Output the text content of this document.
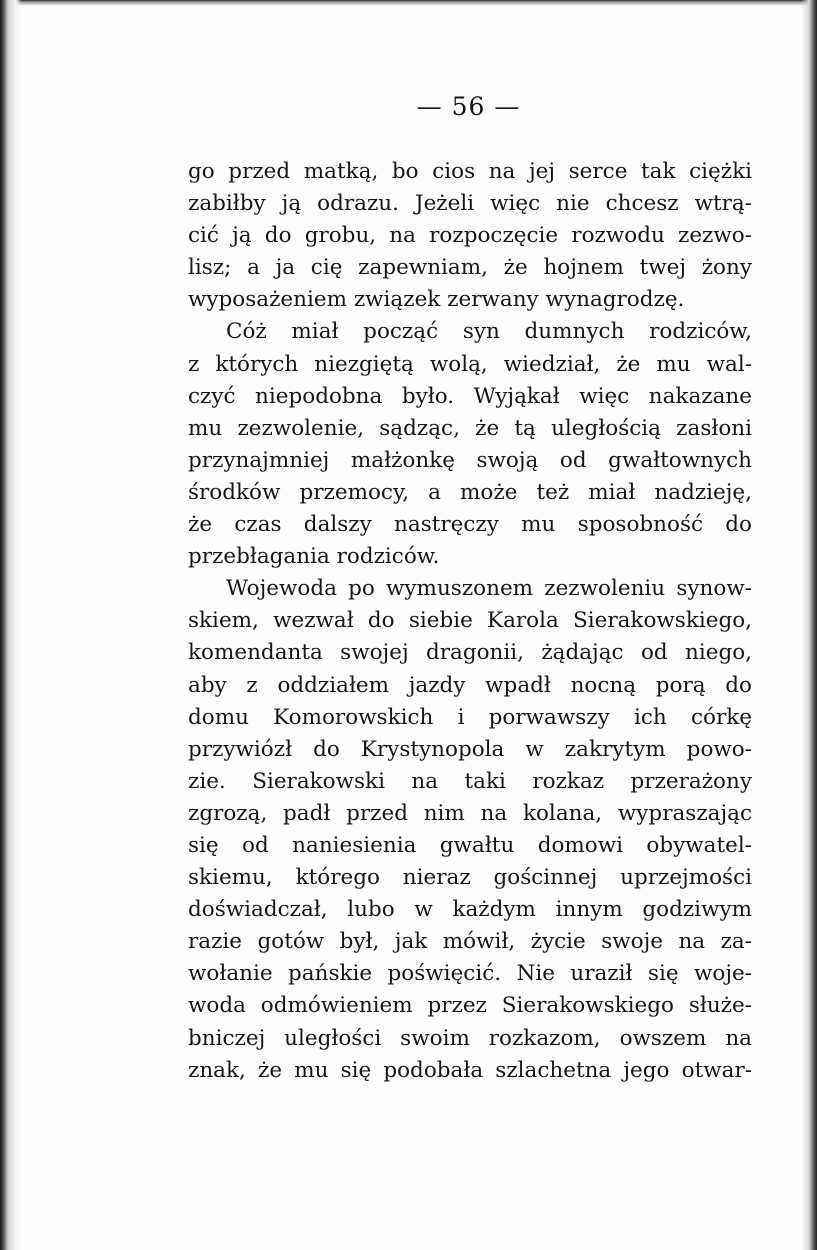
— 56 —
go przed matką, bo cios na jej serce tak ciężki
zabiłby ją odrazu. Jeżeli więc nie chcesz wtrą-
cić ją do grobu, na rozpoczęcie rozwodu zezwo-
lisz; a ja cię zapewniam, że hojnem twej żony
wyposażeniem związek zerwany wynagrodzę.
Cóż miał począć syn dumnych rodziców,
z których niezgiętą wolą, wiedział, że mu wal-
czyć niepodobna było. Wyjąkał więc nakazane
mu zezwolenie, sądząc, że tą uległością zasłoni
przynajmniej małżonkę swoją od gwałtownych
środków przemocy, a może też miał nadzieję,
że czas dalszy nastręczy mu sposobność do
przebłagania rodziców.
Wojewoda po wymuszonem zezwoleniu synow-
skiem, wezwał do siebie Karola Sierakowskiego,
komendanta swojej dragonii, żądając od niego,
aby z oddziałem jazdy wpadł nocną porą do
domu Komorowskich i porwawszy ich córkę
przywiózł do Krystynopola w zakrytym powo-
zie. Sierakowski na taki rozkaz przerażony
zgrozą, padł przed nim na kolana, wypraszając
się od naniesienia gwałtu domowi obywatel-
skiemu, którego nieraz gościnnej uprzejmości
doświadczał, lubo w każdym innym godziwym
razie gotów był, jak mówił, życie swoje na za-
wołanie pańskie poświęcić. Nie uraził się woje-
woda odmówieniem przez Sierakowskiego służe-
bniczej uległości swoim rozkazom, owszem na
znak, że mu się podobała szlachetna jego otwar-
